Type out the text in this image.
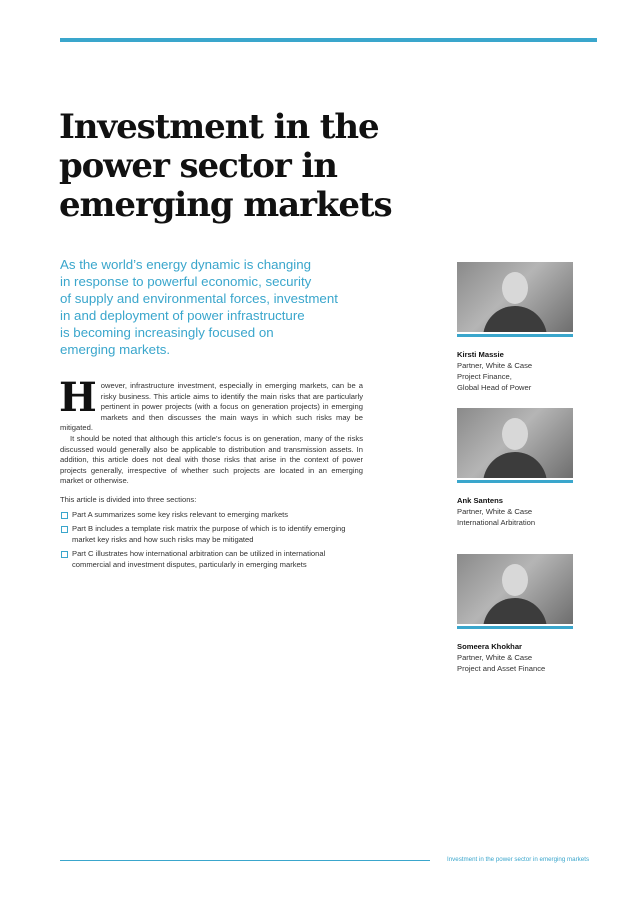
Investment in the
power sector in
emerging markets

As the world’s energy dynamic is changing
in response to powerful economic, security
of supply and environmental forces, investment
in and deployment of power infrastructure
is becoming increasingly focused on
emerging markets.

However, infrastructure investment, especially in emerging markets, can be a risky business. This article aims to identify the main risks that are particularly pertinent in power projects (with a focus on generation projects) in emerging markets and then discusses the main ways in which such risks may be mitigated.

It should be noted that although this article’s focus is on generation, many of the risks discussed would generally also be applicable to distribution and transmission assets. In addition, this article does not deal with those risks that arise in the context of power projects generally, irrespective of whether such projects are located in an emerging market or otherwise.

This article is divided into three sections:

Part A summarizes some key risks relevant to emerging markets
Part B includes a template risk matrix the purpose of which is to identify emerging market key risks and how such risks may be mitigated
Part C illustrates how international arbitration can be utilized in international commercial and investment disputes, particularly in emerging markets
Kirsti Massie
Partner, White & Case
Project Finance,
Global Head of Power
Ank Santens
Partner, White & Case
International Arbitration
Someera Khokhar
Partner, White & Case
Project and Asset Finance
Investment in the power sector in emerging markets
